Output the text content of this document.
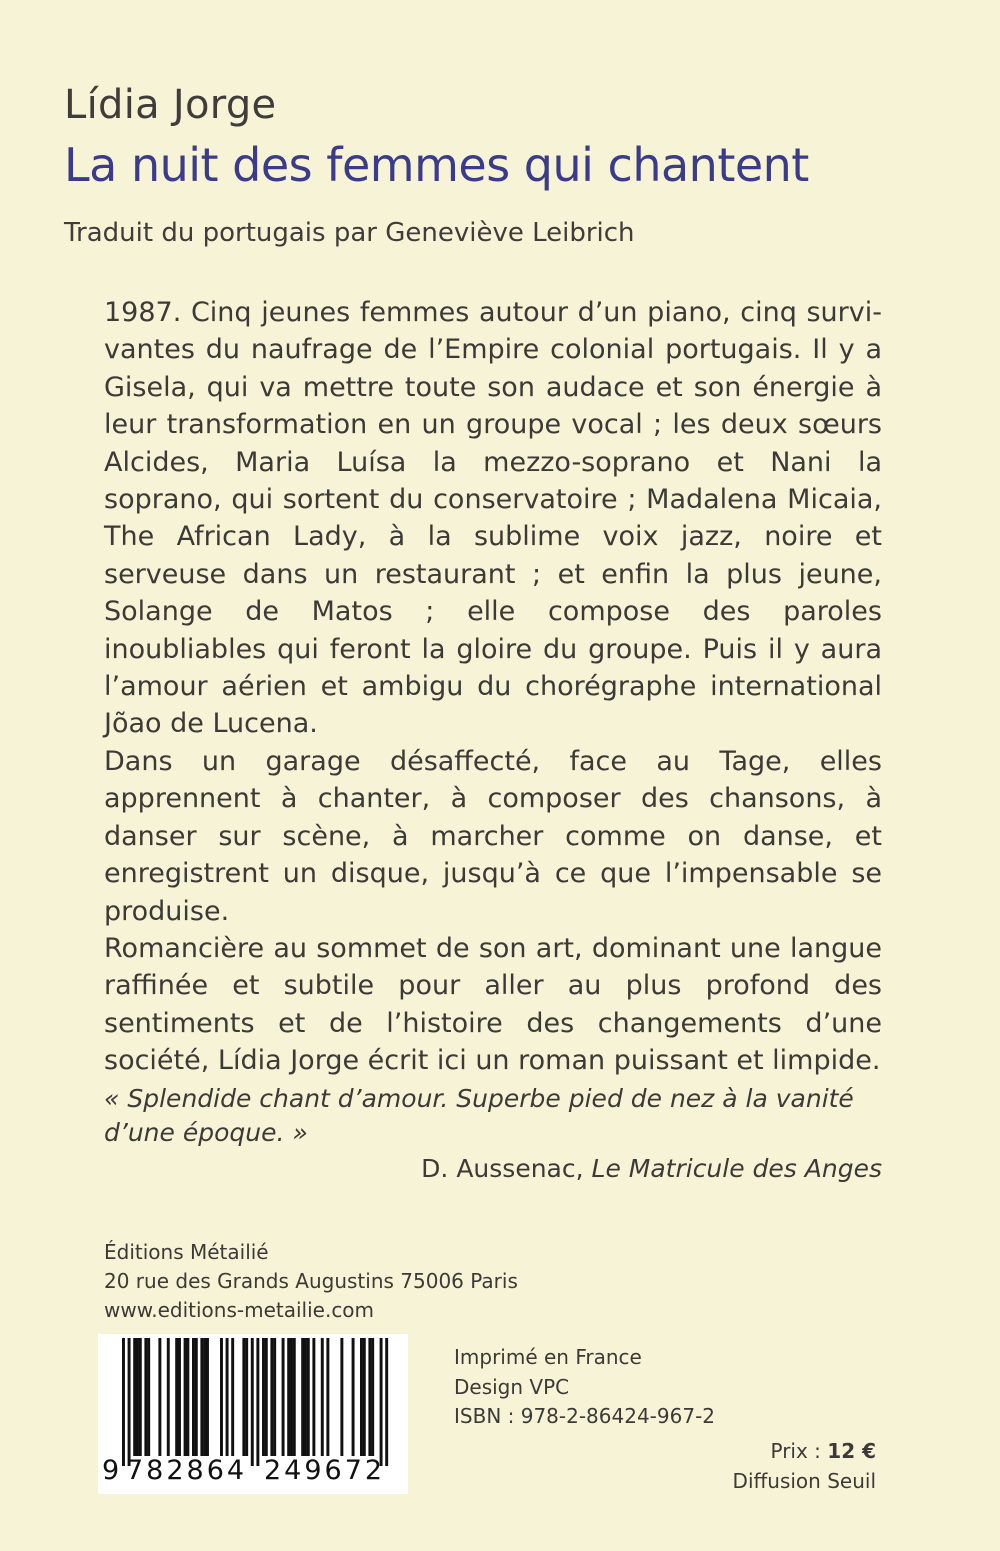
Lídia Jorge
La nuit des femmes qui chantent
Traduit du portugais par Geneviève Leibrich

1987. Cinq jeunes femmes autour d’un piano, cinq survi-vantes du naufrage de l’Empire colonial portugais. Il y a Gisela, qui va mettre toute son audace et son énergie à leur transformation en un groupe vocal ; les deux sœurs Alcides, Maria Luísa la mezzo-soprano et Nani la soprano, qui sortent du conservatoire ; Madalena Micaia, The African Lady, à la sublime voix jazz, noire et serveuse dans un restaurant ; et enfin la plus jeune, Solange de Matos ; elle compose des paroles inoubliables qui feront la gloire du groupe. Puis il y aura l’amour aérien et ambigu du chorégraphe international Jõao de Lucena.

Dans un garage désaffecté, face au Tage, elles apprennent à chanter, à composer des chansons, à danser sur scène, à marcher comme on danse, et enregistrent un disque, jusqu’à ce que l’impensable se produise.

Romancière au sommet de son art, dominant une langue raffinée et subtile pour aller au plus profond des sentiments et de l’histoire des changements d’une société, Lídia Jorge écrit ici un roman puissant et limpide.

« Splendide chant d’amour. Superbe pied de nez à la vanité d’une époque. »
D. Aussenac, Le Matricule des Anges
Éditions Métailié
20 rue des Grands Augustins 75006 Paris
www.editions-metailie.com
9 782864 249672
Imprimé en France
Design VPC
ISBN : 978-2-86424-967-2
Prix : 12 €
Diffusion Seuil
